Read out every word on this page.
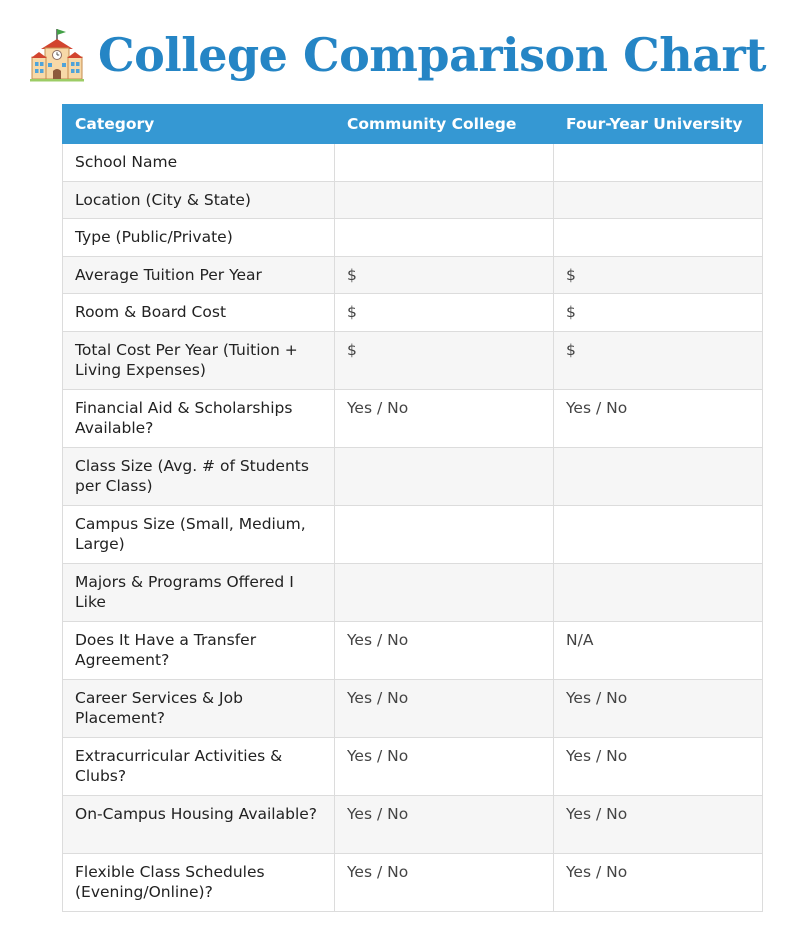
College Comparison Chart
Category	Community College	Four-Year University
School Name		
Location (City & State)		
Type (Public/Private)		
Average Tuition Per Year	$	$
Room & Board Cost	$	$
Total Cost Per Year (Tuition + Living Expenses)	$	$
Financial Aid & Scholarships Available?	Yes / No	Yes / No
Class Size (Avg. # of Students per Class)		
Campus Size (Small, Medium, Large)		
Majors & Programs Offered I Like		
Does It Have a Transfer Agreement?	Yes / No	N/A
Career Services & Job Placement?	Yes / No	Yes / No
Extracurricular Activities & Clubs?	Yes / No	Yes / No
On-Campus Housing Available?	Yes / No	Yes / No
Flexible Class Schedules (Evening/Online)?	Yes / No	Yes / No
